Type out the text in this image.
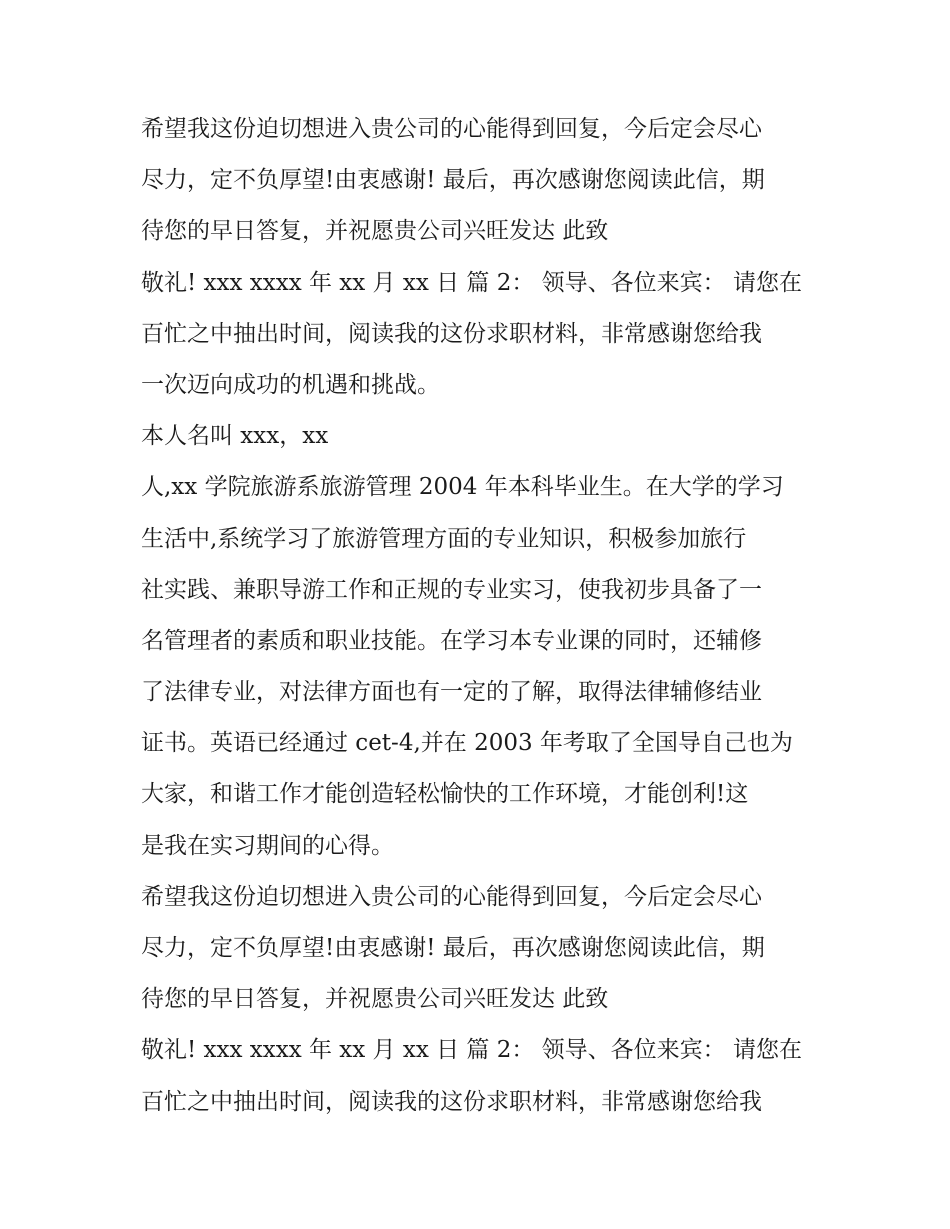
希望我这份迫切想进入贵公司的心能得到回复，今后定会尽心
尽力，定不负厚望!由衷感谢! 最后，再次感谢您阅读此信，期
待您的早日答复，并祝愿贵公司兴旺发达 此致
敬礼! xxx xxxx 年 xx 月 xx 日 篇 2： 领导、各位来宾： 请您在
百忙之中抽出时间，阅读我的这份求职材料，非常感谢您给我
一次迈向成功的机遇和挑战。
本人名叫 xxx，xx
人,xx 学院旅游系旅游管理 2004 年本科毕业生。在大学的学习
生活中,系统学习了旅游管理方面的专业知识，积极参加旅行
社实践、兼职导游工作和正规的专业实习，使我初步具备了一
名管理者的素质和职业技能。在学习本专业课的同时，还辅修
了法律专业，对法律方面也有一定的了解，取得法律辅修结业
证书。英语已经通过 cet-4,并在 2003 年考取了全国导自己也为
大家，和谐工作才能创造轻松愉快的工作环境，才能创利!这
是我在实习期间的心得。
希望我这份迫切想进入贵公司的心能得到回复，今后定会尽心
尽力，定不负厚望!由衷感谢! 最后，再次感谢您阅读此信，期
待您的早日答复，并祝愿贵公司兴旺发达 此致
敬礼! xxx xxxx 年 xx 月 xx 日 篇 2： 领导、各位来宾： 请您在
百忙之中抽出时间，阅读我的这份求职材料，非常感谢您给我
